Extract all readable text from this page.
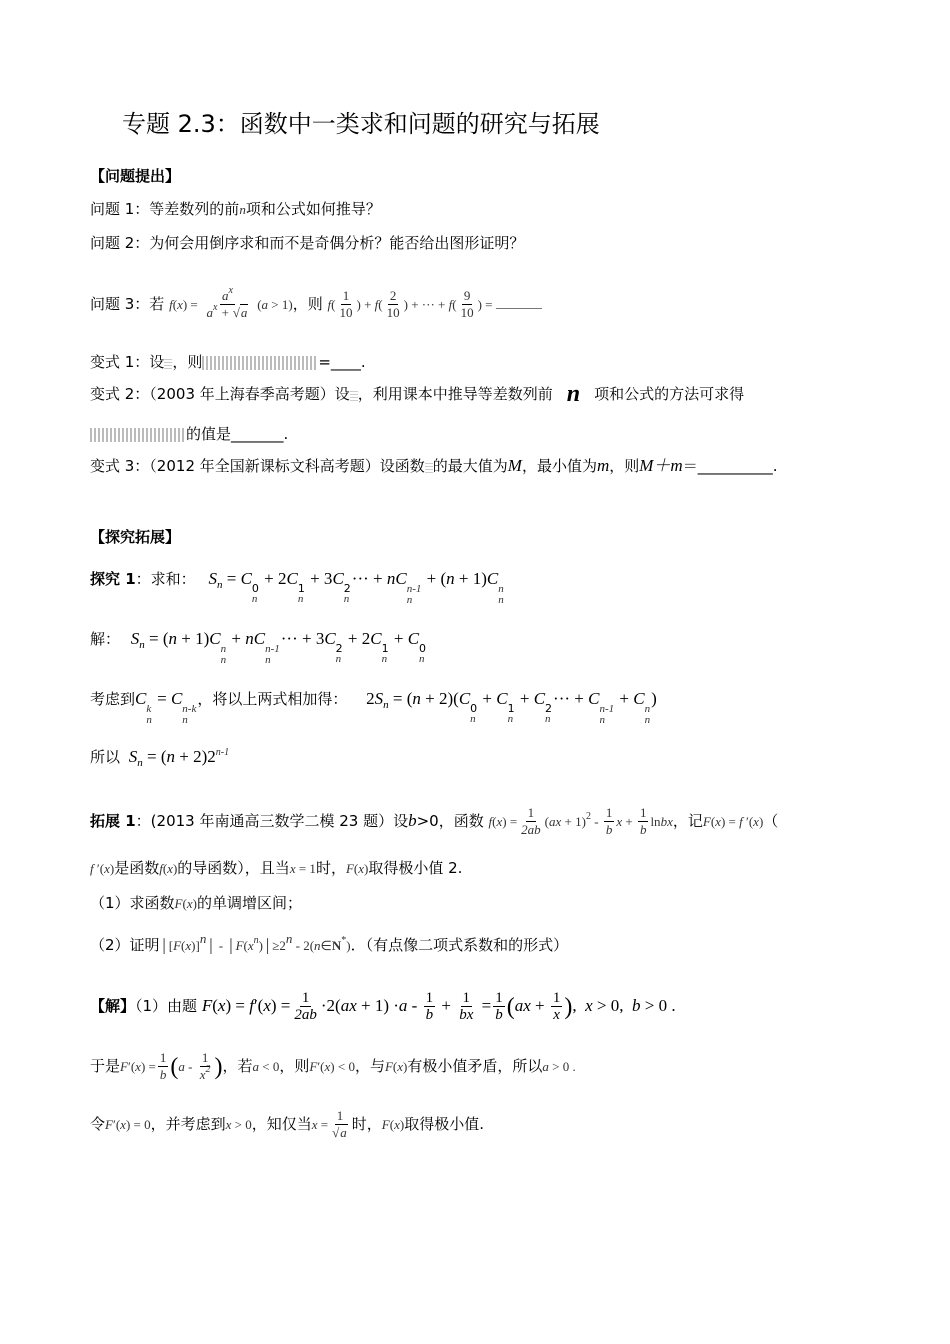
专题 2.3：函数中一类求和问题的研究与拓展
【问题提出】
问题 1：等差数列的前n项和公式如何推导？
问题 2：为何会用倒序求和而不是奇偶分析？能否给出图形证明？
问题 3：若 $f(x) = \frac{a^x}{a^x + √a} (a > 1)$，则 $f( \frac{1}{10}$ ) + $f( \frac{2}{10}$ ) + ··· + $f( \frac{9}{10}$ ) =
变式 1：设 ，则	=____.
变式 2：（2003 年上海春季高考题）设 ，利用课本中推导等差数列前 n 项和公式的方法可求得
的值是_______.
变式 3：（2012 年全国新课标文科高考题）设函数 的最大值为M，最小值为m，则M＋m＝__________.
【探究拓展】
探究 1：求和： $S_n = C$
0
n
+ 2C
1
n
+ 3C
2
n
··· + nC
n-1
n
+ (n + 1)C
n
n
解： $S_n = (n + 1)C$
n
n
+ nC
n-1
n
··· + 3C
2
n
+ 2C
1
n
+ C
0
n
考虑到C
k
n
= C
n-k
n
，将以上两式相加得： $2S_n = (n + 2)(C$
0
n
+ C
1
n
+ C
2
n
··· + C
n-1
n
+ C
n
n
)
所以 $S_n = (n + 2)2^{n-1}$
拓展 1：(2013 年南通高三数学二模 23 题）设b>0，函数 $f(x) = \frac{1}{2ab} (ax + 1)^2 - \frac{1}{b}$ $x + \frac{1}{b}$ lnbx，记F(x) = f ′(x)（
f ′(x)是函数f(x)的导函数），且当x = 1时，F(x)取得极小值 2.
（1）求函数F(x)的单调增区间；
（2）证明$│[F(x)]^n│$ - $│F(x^n)│\ge 2^n$ - 2(n∈N*)．（有点像二项式系数和的形式）
【解】（1）由题 $F(x) = f'(x) = \frac{1}{2ab} \cdot 2(ax + 1) \cdot a - \frac{1}{b} + \frac{1}{bx} = \frac{1}{b} (ax + \frac{1}{x}$ ),  x > 0,  b > 0 .
于是$F'(x) = \frac{1}{b} (a - \frac{1}{x^2}$ )，若a < 0，则F′(x) < 0，与F(x)有极小值矛盾，所以a > 0 .
令F′(x) = 0，并考虑到x > 0，知仅当$x = \frac{1}{√a}$ 时，F(x)取得极小值.
